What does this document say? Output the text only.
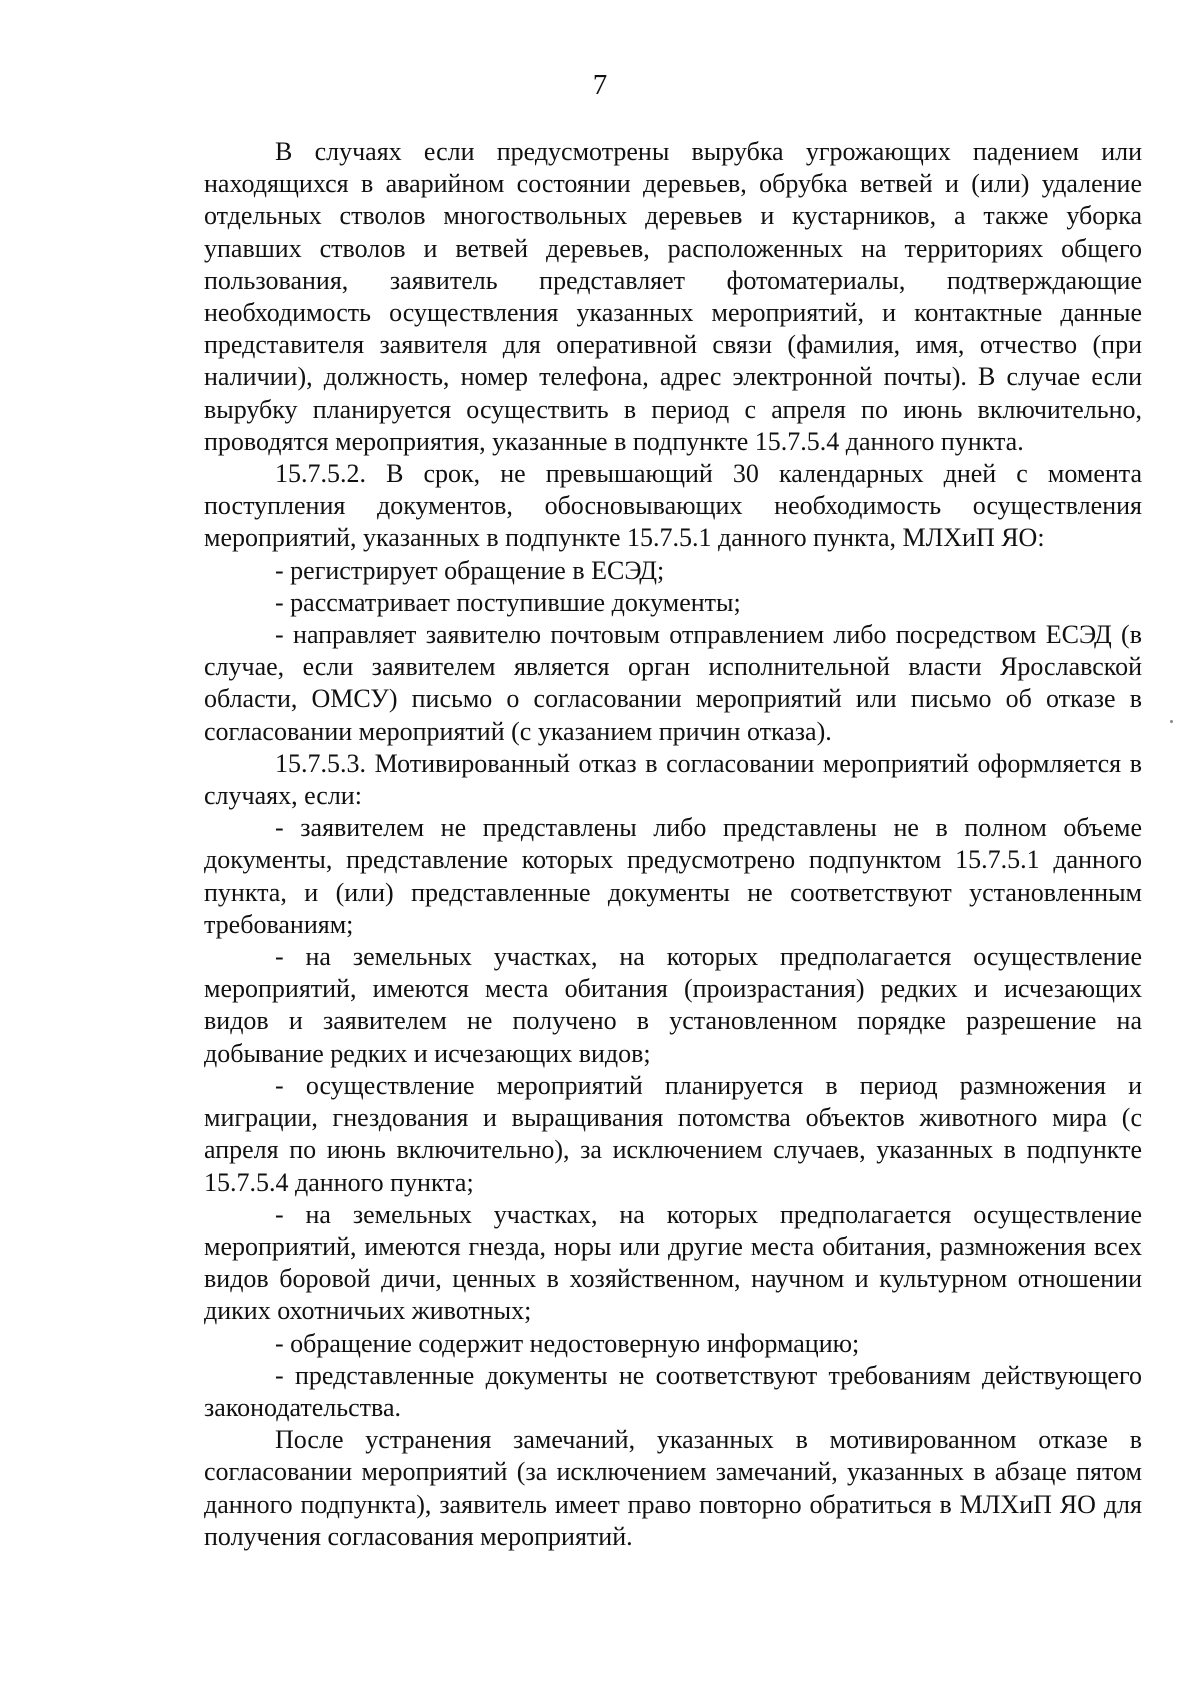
7

В случаях если предусмотрены вырубка угрожающих падением или находящихся в аварийном состоянии деревьев, обрубка ветвей и (или) удаление отдельных стволов многоствольных деревьев и кустарников, а также уборка упавших стволов и ветвей деревьев, расположенных на территориях общего пользования, заявитель представляет фотоматериалы, подтверждающие необходимость осуществления указанных мероприятий, и контактные данные представителя заявителя для оперативной связи (фамилия, имя, отчество (при наличии), должность, номер телефона, адрес электронной почты). В случае если вырубку планируется осуществить в период с апреля по июнь включительно, проводятся мероприятия, указанные в подпункте 15.7.5.4 данного пункта.

15.7.5.2. В срок, не превышающий 30 календарных дней с момента поступления документов, обосновывающих необходимость осуществления мероприятий, указанных в подпункте 15.7.5.1 данного пункта, МЛХиП ЯО:

- регистрирует обращение в ЕСЭД;

- рассматривает поступившие документы;

- направляет заявителю почтовым отправлением либо посредством ЕСЭД (в случае, если заявителем является орган исполнительной власти Ярославской области, ОМСУ) письмо о согласовании мероприятий или письмо об отказе в согласовании мероприятий (с указанием причин отказа).

15.7.5.3. Мотивированный отказ в согласовании мероприятий оформляется в случаях, если:

- заявителем не представлены либо представлены не в полном объеме документы, представление которых предусмотрено подпунктом 15.7.5.1 данного пункта, и (или) представленные документы не соответствуют установленным требованиям;

- на земельных участках, на которых предполагается осуществление мероприятий, имеются места обитания (произрастания) редких и исчезающих видов и заявителем не получено в установленном порядке разрешение на добывание редких и исчезающих видов;

- осуществление мероприятий планируется в период размножения и миграции, гнездования и выращивания потомства объектов животного мира (с апреля по июнь включительно), за исключением случаев, указанных в подпункте 15.7.5.4 данного пункта;

- на земельных участках, на которых предполагается осуществление мероприятий, имеются гнезда, норы или другие места обитания, размножения всех видов боровой дичи, ценных в хозяйственном, научном и культурном отношении диких охотничьих животных;

- обращение содержит недостоверную информацию;

- представленные документы не соответствуют требованиям действующего законодательства.

После устранения замечаний, указанных в мотивированном отказе в согласовании мероприятий (за исключением замечаний, указанных в абзаце пятом данного подпункта), заявитель имеет право повторно обратиться в МЛХиП ЯО для получения согласования мероприятий.
